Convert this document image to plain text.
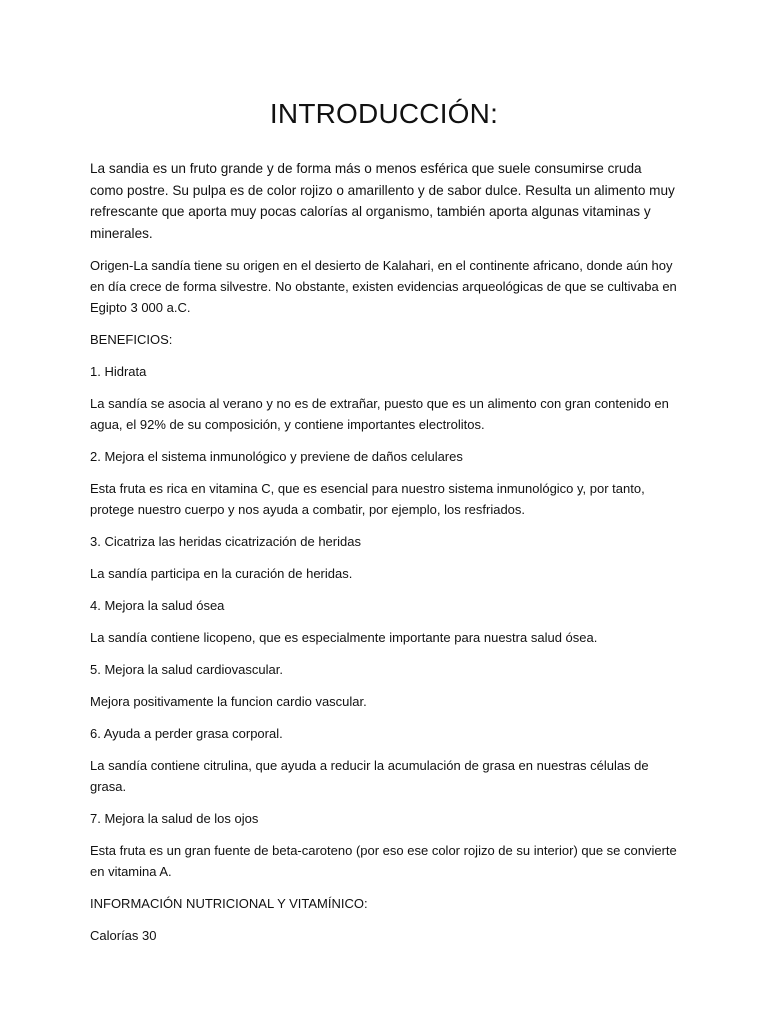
INTRODUCCIÓN:

La sandia es un fruto grande y de forma más o menos esférica que suele consumirse cruda como postre. Su pulpa es de color rojizo o amarillento y de sabor dulce. Resulta un alimento muy refrescante que aporta muy pocas calorías al organismo, también aporta algunas vitaminas y minerales.

Origen-La sandía tiene su origen en el desierto de Kalahari, en el continente africano, donde aún hoy en día crece de forma silvestre. No obstante, existen evidencias arqueológicas de que se cultivaba en Egipto 3 000 a.C.

BENEFICIOS:

1. Hidrata

La sandía se asocia al verano y no es de extrañar, puesto que es un alimento con gran contenido en agua, el 92% de su composición, y contiene importantes electrolitos.

2. Mejora el sistema inmunológico y previene de daños celulares

Esta fruta es rica en vitamina C, que es esencial para nuestro sistema inmunológico y, por tanto, protege nuestro cuerpo y nos ayuda a combatir, por ejemplo, los resfriados.

3. Cicatriza las heridas cicatrización de heridas

La sandía participa en la curación de heridas.

4. Mejora la salud ósea

La sandía contiene licopeno, que es especialmente importante para nuestra salud ósea.

5. Mejora la salud cardiovascular.

Mejora positivamente la funcion cardio vascular.

6. Ayuda a perder grasa corporal.

La sandía contiene citrulina, que ayuda a reducir la acumulación de grasa en nuestras células de grasa.

7. Mejora la salud de los ojos

Esta fruta es un gran fuente de beta-caroteno (por eso ese color rojizo de su interior) que se convierte en vitamina A.

INFORMACIÓN NUTRICIONAL Y VITAMÍNICO:

Calorías 30
